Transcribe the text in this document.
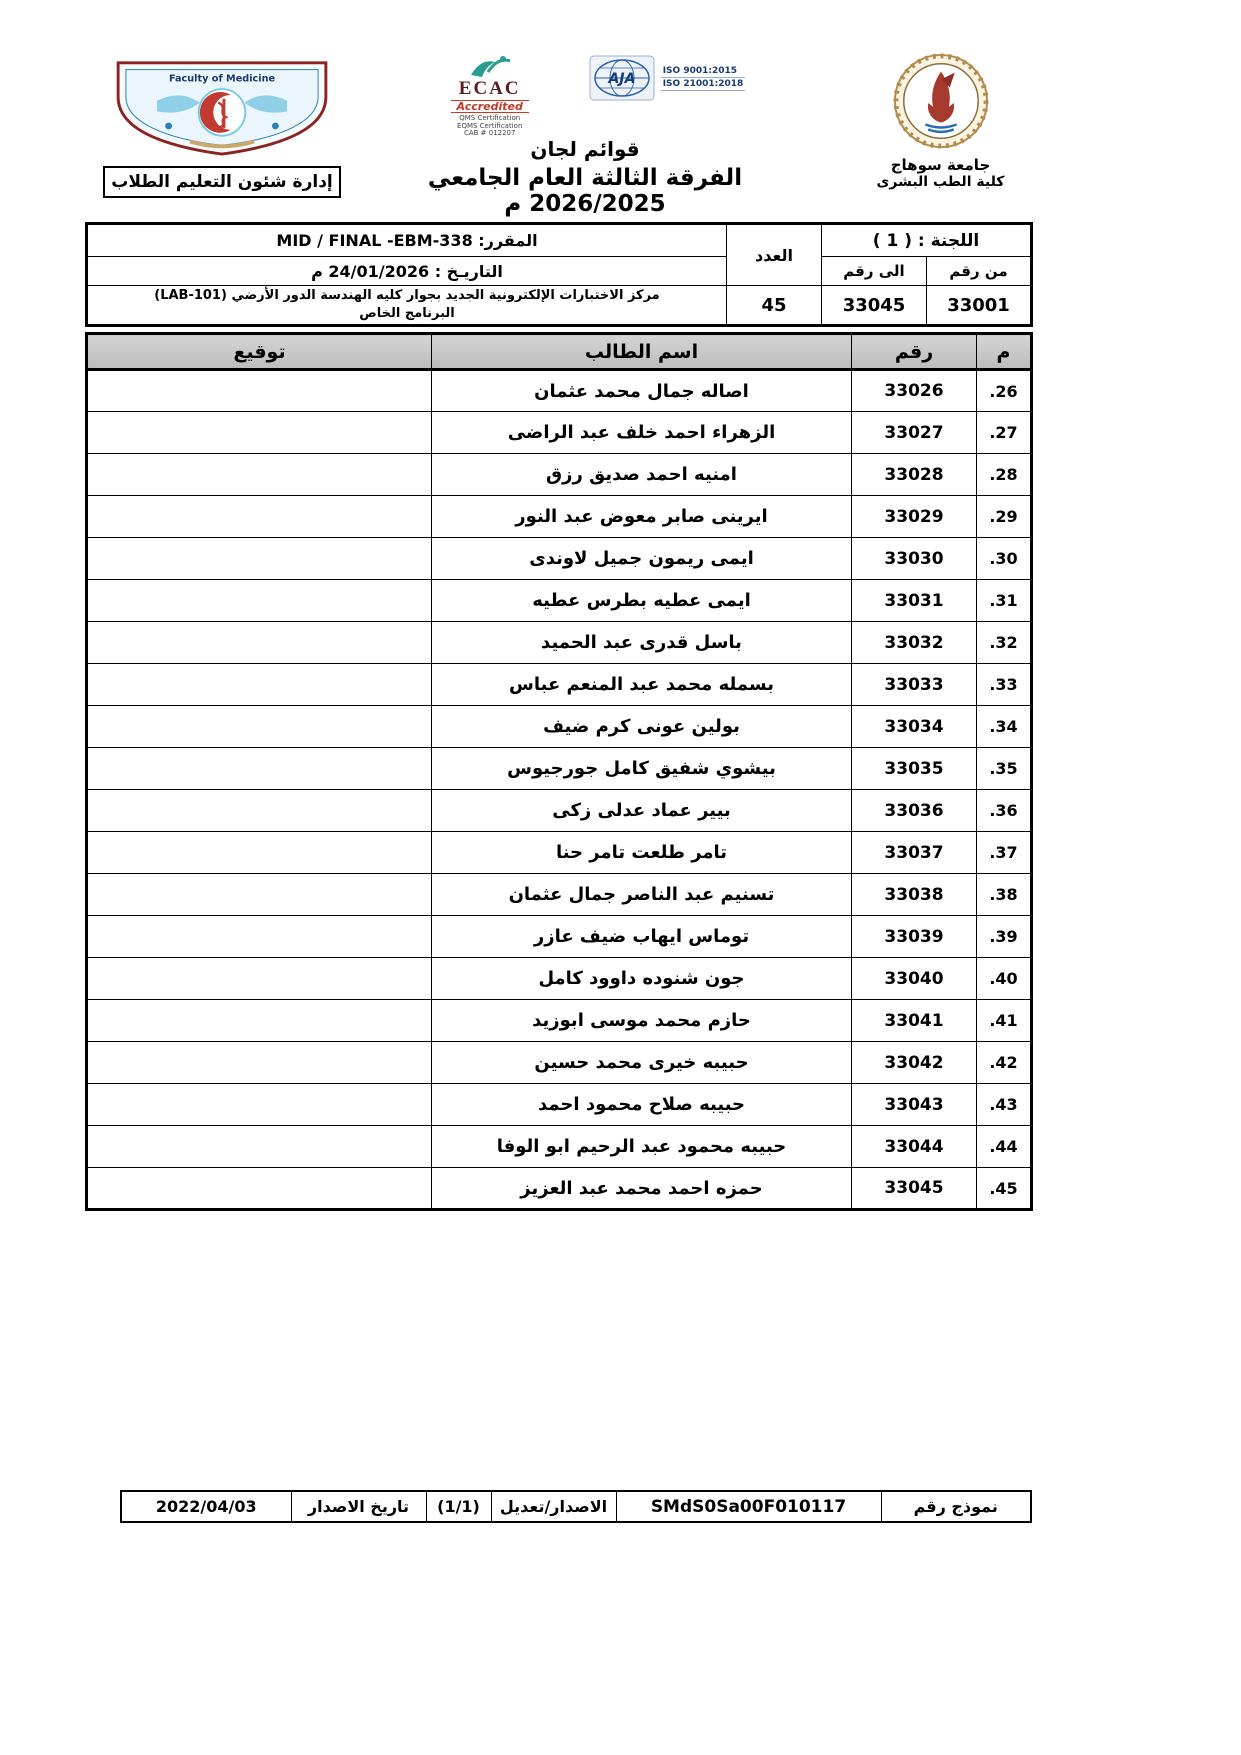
جامعة سوهاج
كلية الطب البشرى
ECAC
Accredited
QMS Certification
EQMS Certification
CAB # 012207
AJA	ISO 9001:2015
ISO 21001:2018
قوائم لجان
الفرقة الثالثة العام الجامعي 2026/2025 م
Faculty of Medicine
إدارة شئون التعليم الطلاب
اللجنة : ( 1 )		العدد	المقرر: MID / FINAL -EBM-338
من رقم	الى رقم		التاريـخ : 24/01/2026 م
33001	33045	45	مركز الاختبارات الإلكترونية الجديد بجوار كليه الهندسة الدور الأرضي (LAB-101)
البرنامج الخاص
م	رقم	اسم الطالب	توقيع
26.	33026	اصاله جمال محمد عثمان	
27.	33027	الزهراء احمد خلف عبد الراضى	
28.	33028	امنيه احمد صديق رزق	
29.	33029	ايرينى صابر معوض عبد النور	
30.	33030	ايمى ريمون جميل لاوندى	
31.	33031	ايمى عطيه بطرس عطيه	
32.	33032	باسل قدرى عبد الحميد	
33.	33033	بسمله محمد عبد المنعم عباس	
34.	33034	بولين عونى كرم ضيف	
35.	33035	بيشوي شفيق كامل جورجيوس	
36.	33036	بيير عماد عدلى زكى	
37.	33037	تامر طلعت تامر حنا	
38.	33038	تسنيم عبد الناصر جمال عثمان	
39.	33039	توماس ايهاب ضيف عازر	
40.	33040	جون شنوده داوود كامل	
41.	33041	حازم محمد موسى ابوزيد	
42.	33042	حبيبه خيرى محمد حسين	
43.	33043	حبيبه صلاح محمود احمد	
44.	33044	حبيبه محمود عبد الرحيم ابو الوفا	
45.	33045	حمزه احمد محمد عبد العزيز	
نموذج رقم	SMdS0Sa00F010117	الاصدار/تعديل	(1/1)	تاريخ الاصدار	2022/04/03
